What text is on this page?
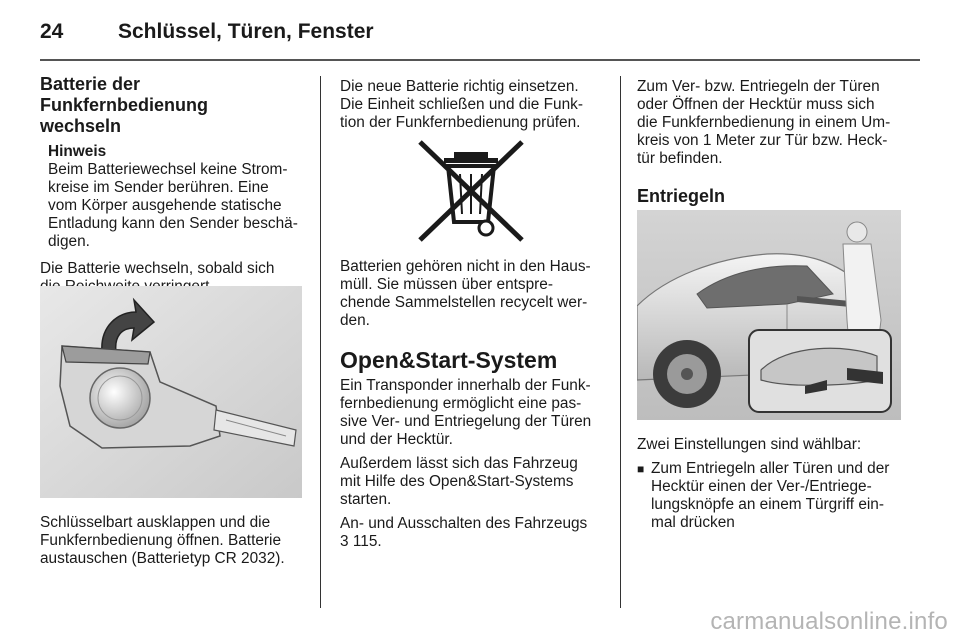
24	Schlüssel, Türen, Fenster
Batterie der Funkfernbedienung
wechseln
Hinweis
Beim Batteriewechsel keine Strom-
kreise im Sender berühren. Eine
vom Körper ausgehende statische
Entladung kann den Sender beschä-
digen.

Die Batterie wechseln, sobald sich

Schlüsselbart ausklappen und die
Funkfernbedienung öffnen. Batterie
austauschen (Batterietyp CR 2032).

Die neue Batterie richtig einsetzen.
Die Einheit schließen und die Funk-
tion der Funkfernbedienung prüfen.

Batterien gehören nicht in den Haus-
müll. Sie müssen über entspre-
chende Sammelstellen recycelt wer-
den.

Open&Start-System

Ein Transponder innerhalb der Funk-
fernbedienung ermöglicht eine pas-
sive Ver- und Entriegelung der Türen
und der Hecktür.

Außerdem lässt sich das Fahrzeug
mit Hilfe des Open&Start-Systems
starten.

An- und Ausschalten des Fahrzeugs
3 115.

Zum Ver- bzw. Entriegeln der Türen
oder Öffnen der Hecktür muss sich
die Funkfernbedienung in einem Um-
kreis von 1 Meter zur Tür bzw. Heck-
tür befinden.

Entriegeln

Zwei Einstellungen sind wählbar:

■ Zum Entriegeln aller Türen und der
Hecktür einen der Ver-/Entriege-
lungsknöpfe an einem Türgriff ein-
mal drücken
carmanualsonline.info
